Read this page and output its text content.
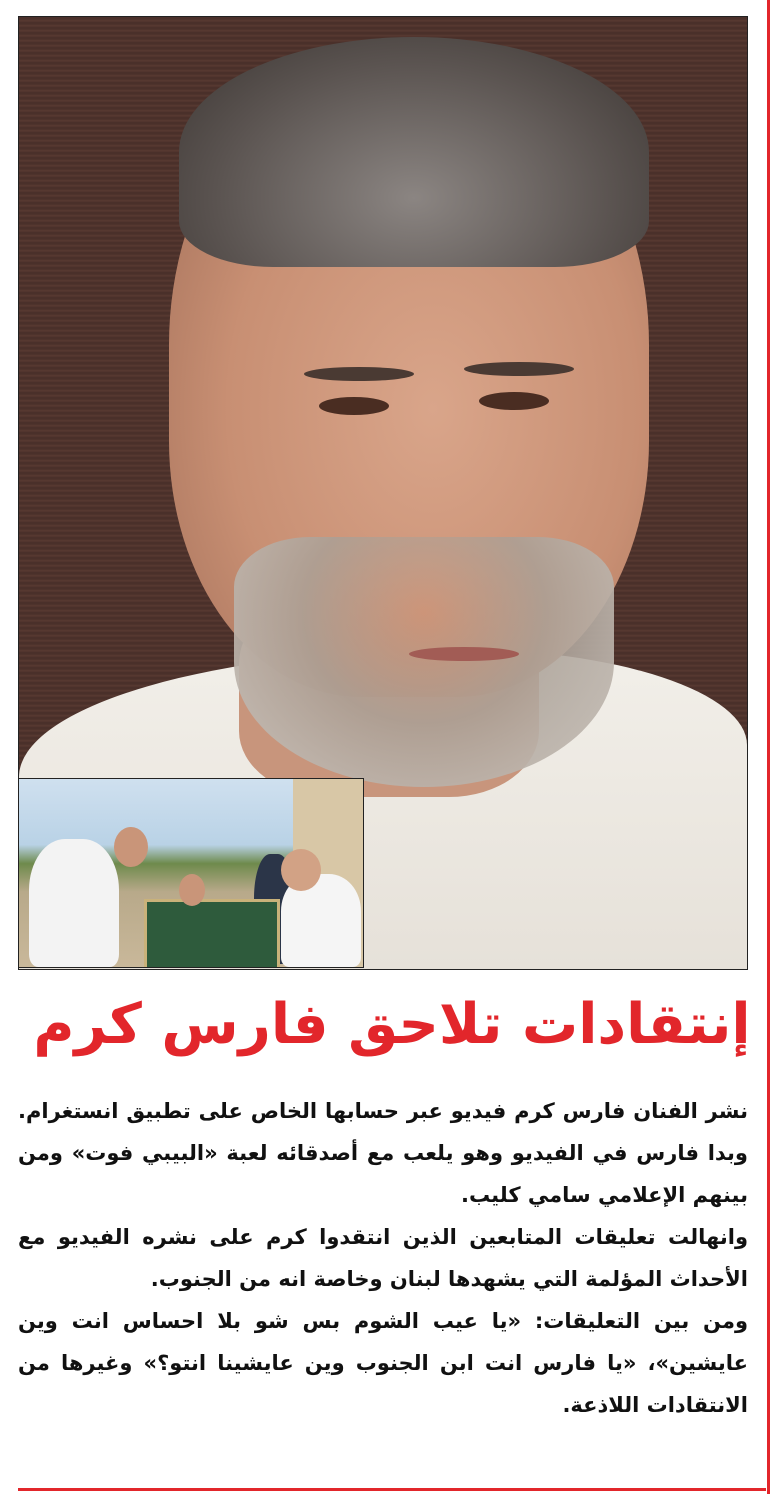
إنتقادات تلاحق فارس كرم

نشر الفنان فارس كرم فيديو عبر حسابها الخاص على تطبيق انستغرام. وبدا فارس في الفيديو وهو يلعب مع أصدقائه لعبة «البيبي فوت» ومن بينهم الإعلامي سامي كليب.

وانهالت تعليقات المتابعين الذين انتقدوا كرم على نشره الفيديو مع الأحداث المؤلمة التي يشهدها لبنان وخاصة انه من الجنوب.

ومن بين التعليقات: «يا عيب الشوم بس شو بلا احساس انت وين عايشين»، «يا فارس انت ابن الجنوب وين عايشينا انتو؟» وغيرها من الانتقادات اللاذعة.
